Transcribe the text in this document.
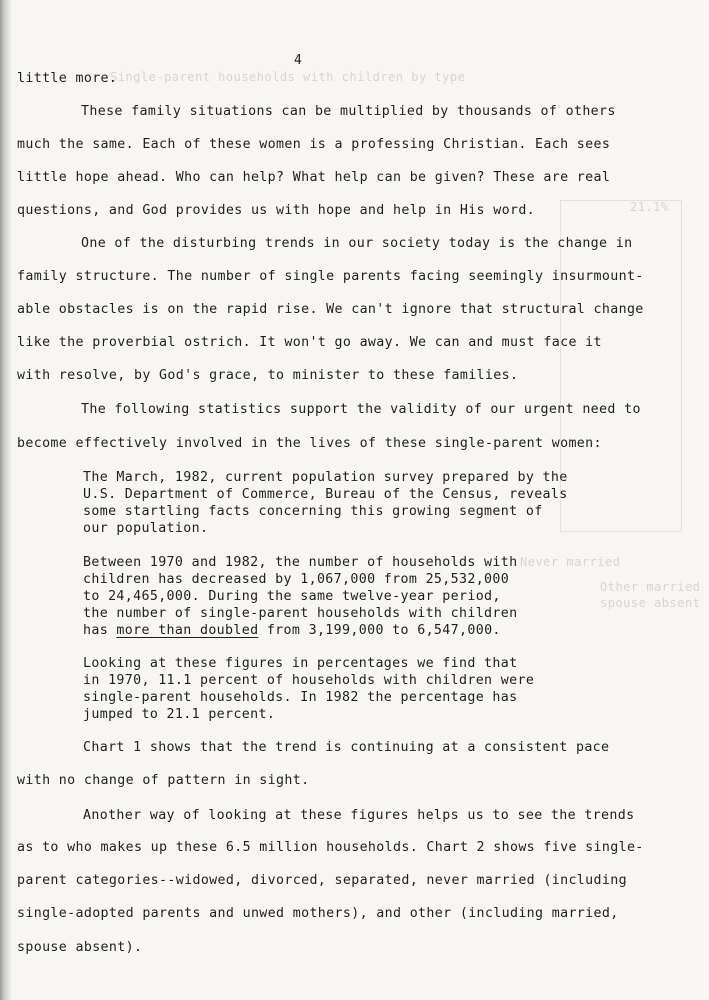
Single-parent households with children by type
21.1%
Never married
Other married
spouse absent
4
little more.
These family situations can be multiplied by thousands of others
much the same. Each of these women is a professing Christian. Each sees
little hope ahead. Who can help? What help can be given? These are real
questions, and God provides us with hope and help in His word.
One of the disturbing trends in our society today is the change in
family structure. The number of single parents facing seemingly insurmount-
able obstacles is on the rapid rise. We can't ignore that structural change
like the proverbial ostrich. It won't go away. We can and must face it
with resolve, by God's grace, to minister to these families.
The following statistics support the validity of our urgent need to
become effectively involved in the lives of these single-parent women:
The March, 1982, current population survey prepared by the
U.S. Department of Commerce, Bureau of the Census, reveals
some startling facts concerning this growing segment of
our population.
Between 1970 and 1982, the number of households with
children has decreased by 1,067,000 from 25,532,000
to 24,465,000. During the same twelve-year period,
the number of single-parent households with children
has more than doubled from 3,199,000 to 6,547,000.
Looking at these figures in percentages we find that
in 1970, 11.1 percent of households with children were
single-parent households. In 1982 the percentage has
jumped to 21.1 percent.
Chart 1 shows that the trend is continuing at a consistent pace
with no change of pattern in sight.
Another way of looking at these figures helps us to see the trends
as to who makes up these 6.5 million households. Chart 2 shows five single-
parent categories--widowed, divorced, separated, never married (including
single-adopted parents and unwed mothers), and other (including married,
spouse absent).
